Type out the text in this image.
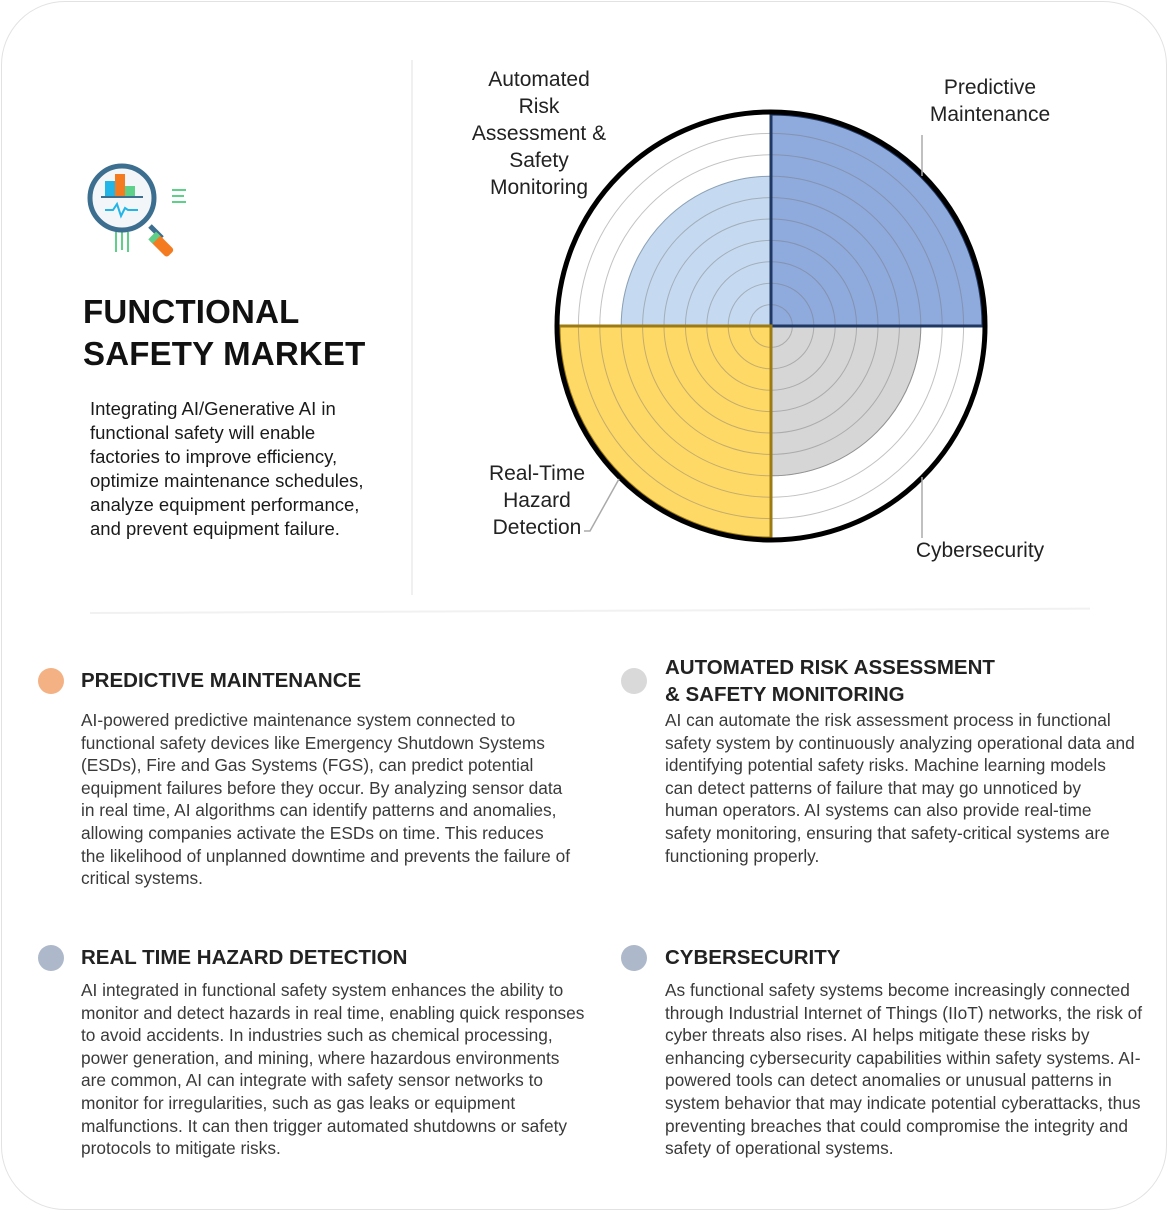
FUNCTIONAL
SAFETY MARKET
Integrating AI/Generative AI in functional safety will enable factories to improve efficiency, optimize maintenance schedules, analyze equipment performance, and prevent equipment failure.
Predictive
Maintenance
Cybersecurity
Real-Time
Hazard
Detection
Automated
Risk
Assessment &
Safety
Monitoring
PREDICTIVE MAINTENANCE
AI-powered predictive maintenance system connected to functional safety devices like Emergency Shutdown Systems (ESDs), Fire and Gas Systems (FGS), can predict potential equipment failures before they occur. By analyzing sensor data in real time, AI algorithms can identify patterns and anomalies, allowing companies activate the ESDs on time. This reduces the likelihood of unplanned downtime and prevents the failure of critical systems.
AUTOMATED RISK ASSESSMENT
& SAFETY MONITORING
AI can automate the risk assessment process in functional safety system by continuously analyzing operational data and identifying potential safety risks. Machine learning models can detect patterns of failure that may go unnoticed by human operators. AI systems can also provide real-time safety monitoring, ensuring that safety-critical systems are functioning properly.
REAL TIME HAZARD DETECTION
AI integrated in functional safety system enhances the ability to monitor and detect hazards in real time, enabling quick responses to avoid accidents. In industries such as chemical processing, power generation, and mining, where hazardous environments are common, AI can integrate with safety sensor networks to monitor for irregularities, such as gas leaks or equipment malfunctions. It can then trigger automated shutdowns or safety protocols to mitigate risks.
CYBERSECURITY
As functional safety systems become increasingly connected through Industrial Internet of Things (IIoT) networks, the risk of cyber threats also rises. AI helps mitigate these risks by enhancing cybersecurity capabilities within safety systems. AI-powered tools can detect anomalies or unusual patterns in system behavior that may indicate potential cyberattacks, thus preventing breaches that could compromise the integrity and safety of operational systems.
